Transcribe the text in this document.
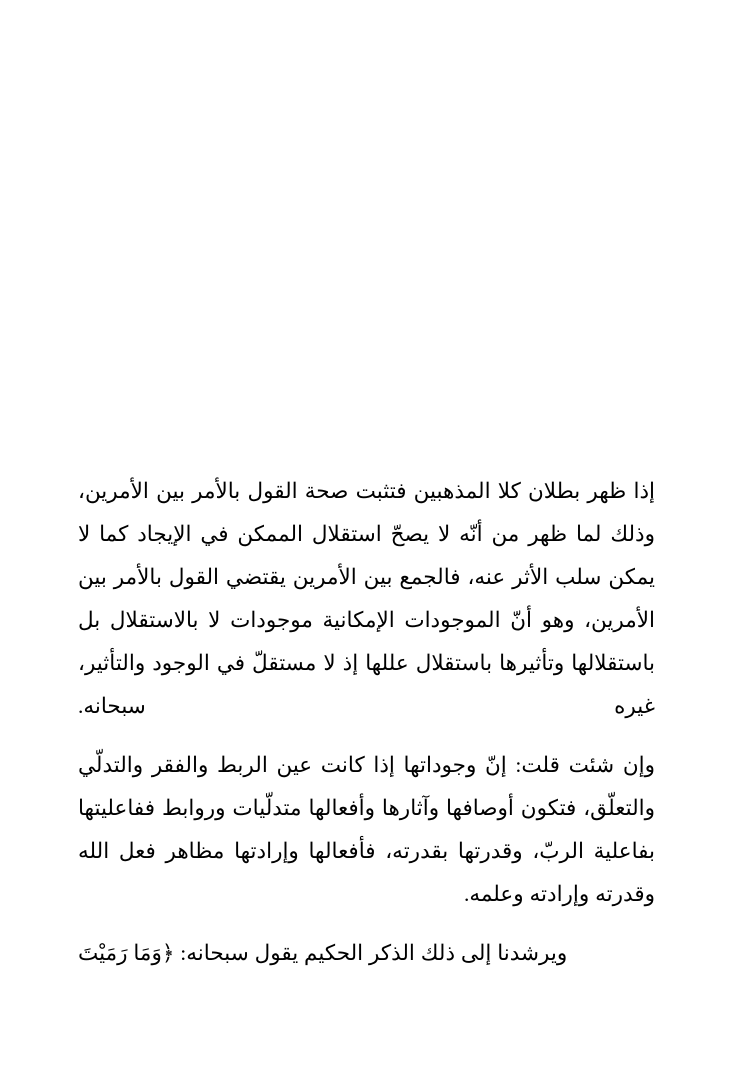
إذا ظهر بطلان كلا المذهبين فتثبت صحة القول بالأمر بين الأمرين، وذلك لما ظهر من أنّه لا يصحّ استقلال الممكن في الإيجاد كما لا يمكن سلب الأثر عنه، فالجمع بين الأمرين يقتضي القول بالأمر بين الأمرين، وهو أنّ الموجودات الإمكانية موجودات لا بالاستقلال بل باستقلالها وتأثيرها باستقلال عللها إذ لا مستقلّ في الوجود والتأثير، غيره سبحانه.

وإن شئت قلت: إنّ وجوداتها إذا كانت عين الربط والفقر والتدلّي والتعلّق، فتكون أوصافها وآثارها وأفعالها متدلّيات وروابط ففاعليتها بفاعلية الربّ، وقدرتها بقدرته، فأفعالها وإرادتها مظاهر فعل الله وقدرته وإرادته وعلمه.

ويرشدنا إلى ذلك الذكر الحكيم يقول سبحانه: ﴿وَمَا رَمَيْتَ
